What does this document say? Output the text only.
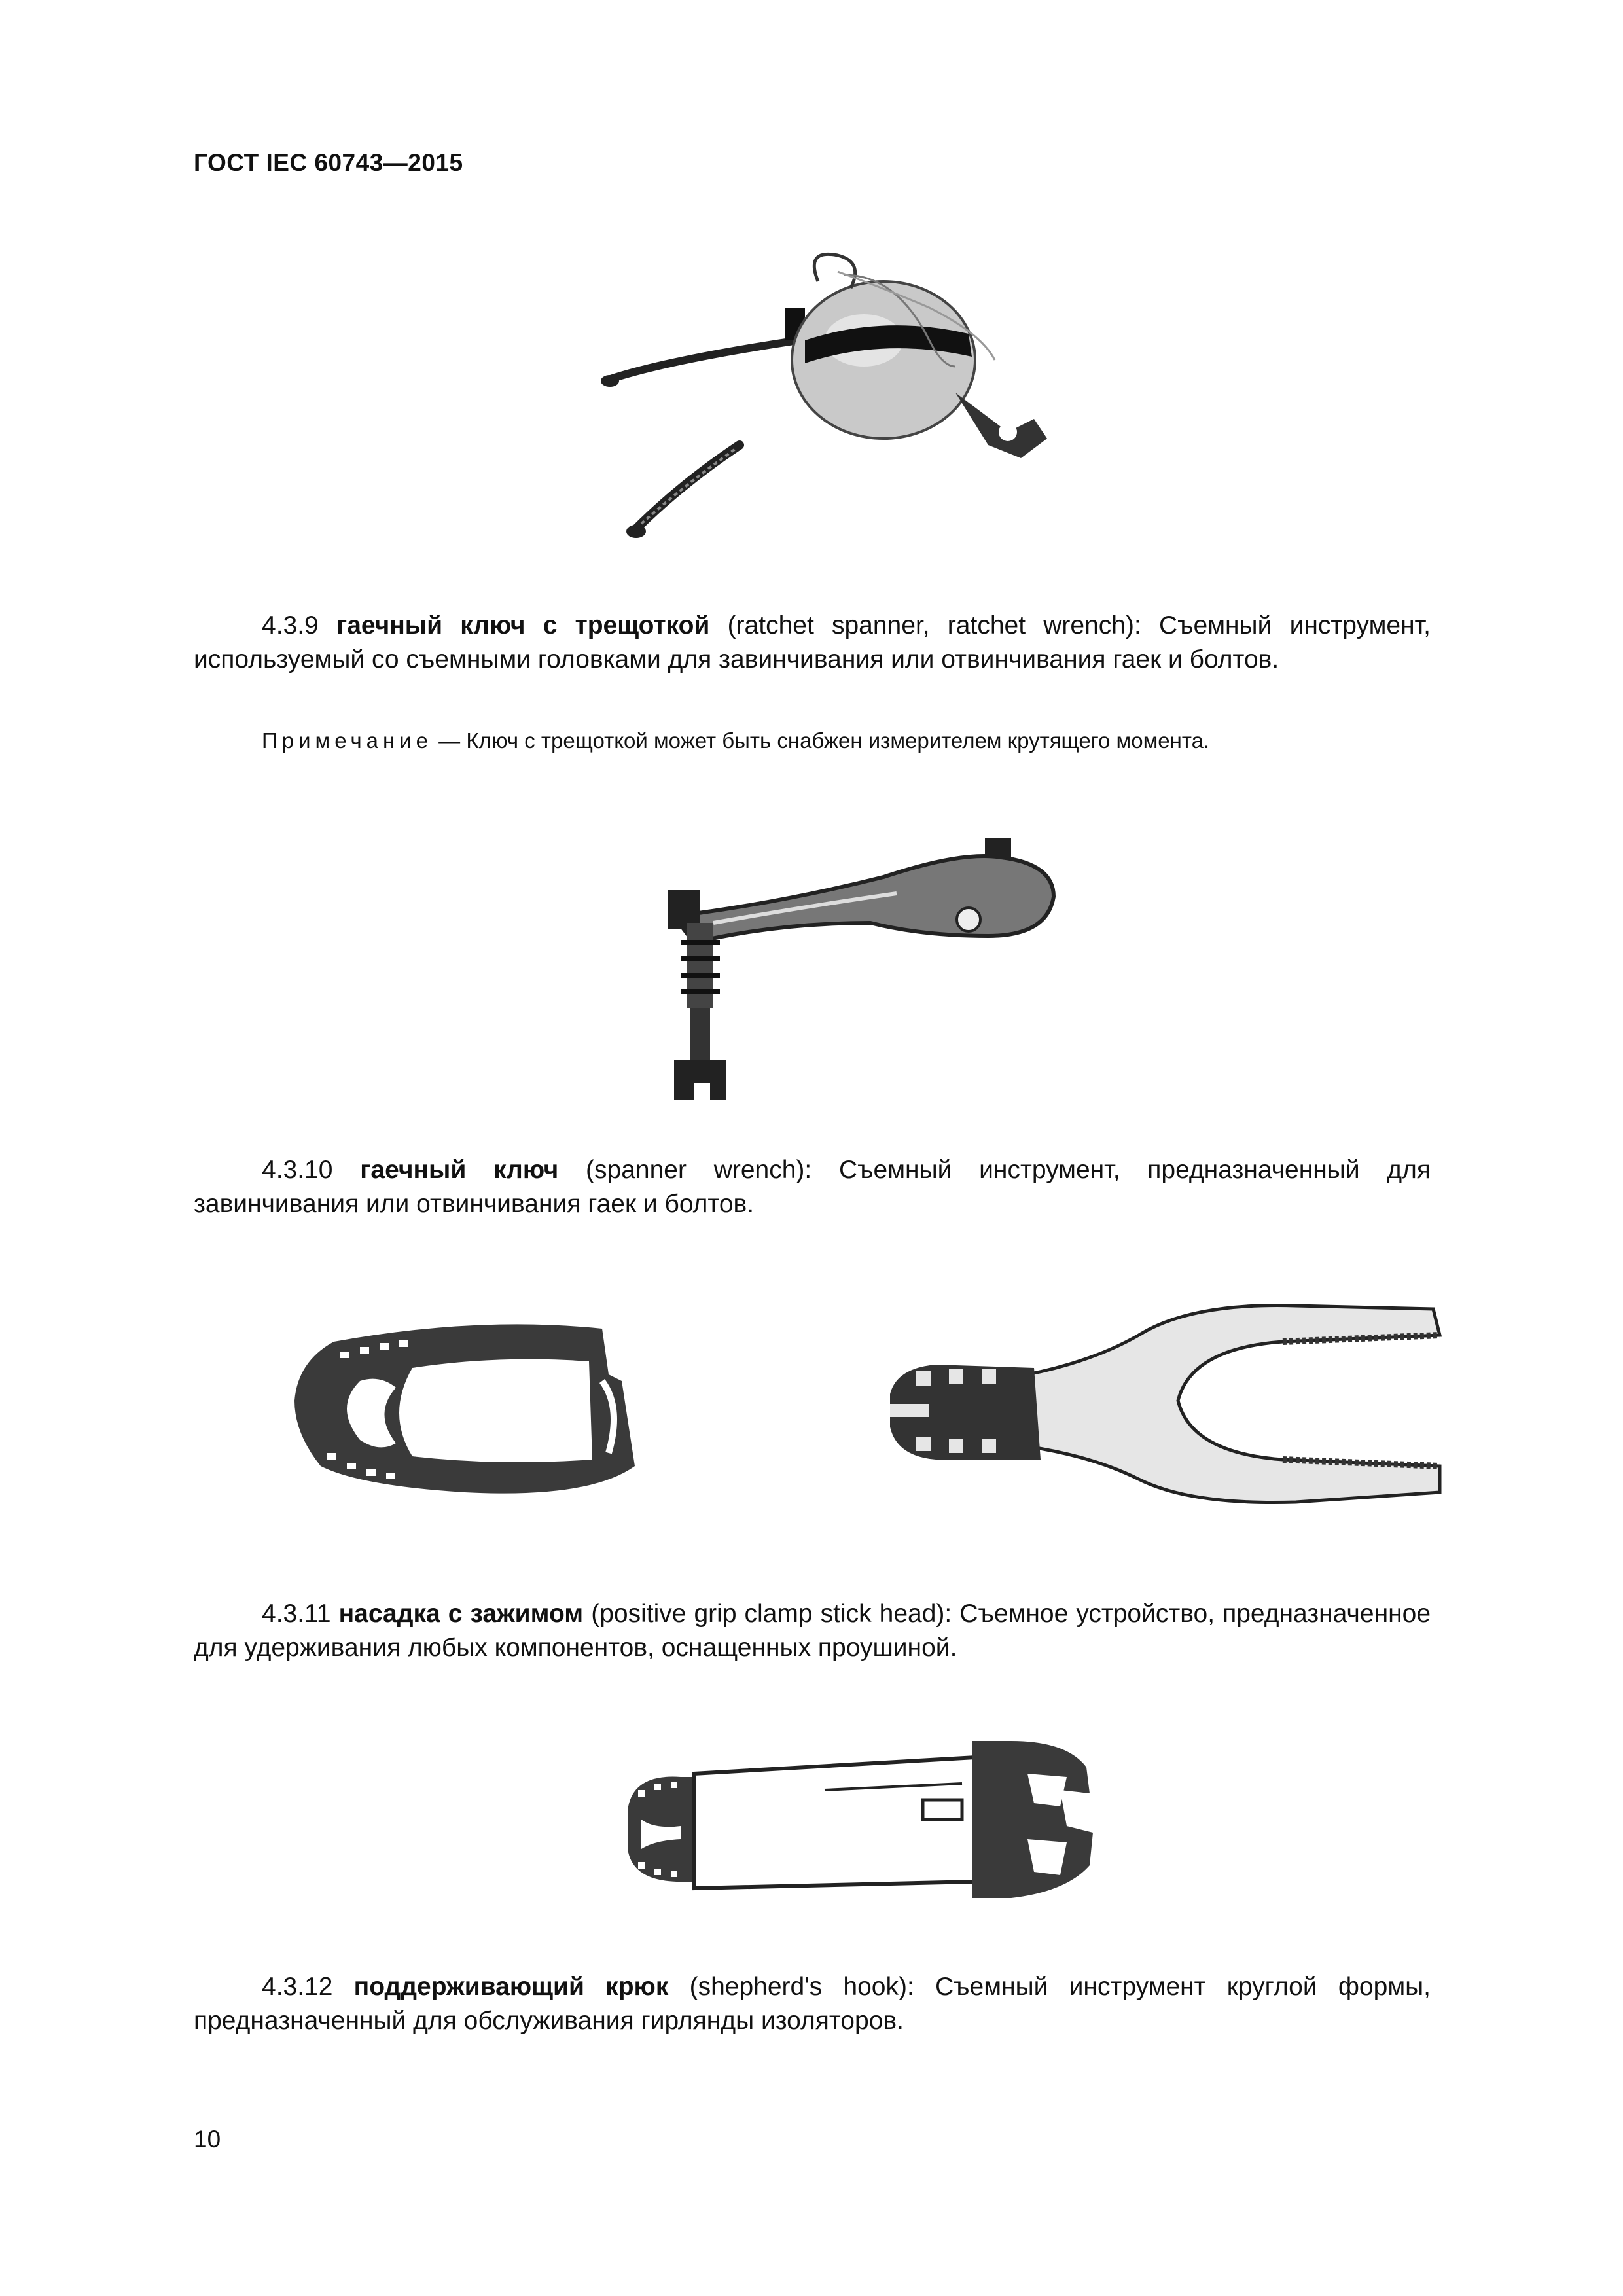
ГОСТ IEC 60743—2015
4.3.9 гаечный ключ с трещоткой (ratchet spanner, ratchet wrench): Съемный инструмент, используемый со съемными головками для завинчивания или отвинчивания гаек и болтов.
Примечание — Ключ с трещоткой может быть снабжен измерителем крутящего момента.
4.3.10 гаечный ключ (spanner wrench): Съемный инструмент, предназначенный для завинчивания или отвинчивания гаек и болтов.
4.3.11 насадка с зажимом (positive grip clamp stick head): Съемное устройство, предназначенное для удерживания любых компонентов, оснащенных проушиной.
4.3.12 поддерживающий крюк (shepherd's hook): Съемный инструмент круглой формы, предназначенный для обслуживания гирлянды изоляторов.
10
